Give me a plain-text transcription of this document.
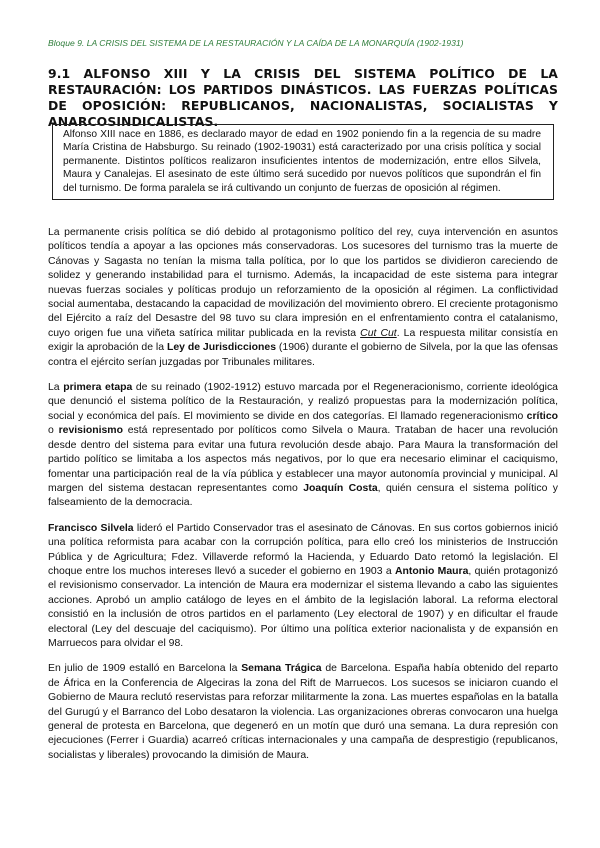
Bloque 9. LA CRISIS DEL SISTEMA DE LA RESTAURACIÓN Y LA CAÍDA DE LA MONARQUÍA (1902-1931)
9.1 ALFONSO XIII Y LA CRISIS DEL SISTEMA POLÍTICO DE LA RESTAURACIÓN: LOS PARTIDOS DINÁSTICOS. LAS FUERZAS POLÍTICAS DE OPOSICIÓN: REPUBLICANOS, NACIONALISTAS, SOCIALISTAS Y ANARCOSINDICALISTAS.
Alfonso XIII nace en 1886, es declarado mayor de edad en 1902 poniendo fin a la regencia de su madre María Cristina de Habsburgo. Su reinado (1902-19031) está caracterizado por una crisis política y social permanente. Distintos políticos realizaron insuficientes intentos de modernización, entre ellos Silvela, Maura y Canalejas. El asesinato de este último será sucedido por nuevos políticos que supondrán el fin del turnismo. De forma paralela se irá cultivando un conjunto de fuerzas de oposición al régimen.

La permanente crisis política se dió debido al protagonismo político del rey, cuya intervención en asuntos políticos tendía a apoyar a las opciones más conservadoras. Los sucesores del turnismo tras la muerte de Cánovas y Sagasta no tenían la misma talla política, por lo que los partidos se dividieron careciendo de solidez y generando instabilidad para el turnismo. Además, la incapacidad de este sistema para integrar nuevas fuerzas sociales y políticas produjo un reforzamiento de la oposición al régimen. La conflictividad social aumentaba, destacando la capacidad de movilización del movimiento obrero. El creciente protagonismo del Ejército a raíz del Desastre del 98 tuvo su clara impresión en el enfrentamiento contra el catalanismo, cuyo origen fue una viñeta satírica militar publicada en la revista Cut Cut. La respuesta militar consistía en exigir la aprobación de la Ley de Jurisdicciones (1906) durante el gobierno de Silvela, por la que las ofensas contra el ejército serían juzgadas por Tribunales militares.

La primera etapa de su reinado (1902-1912) estuvo marcada por el Regeneracionismo, corriente ideológica que denunció el sistema político de la Restauración, y realizó propuestas para la modernización política, social y económica del país. El movimiento se divide en dos categorías. El llamado regeneracionismo crítico o revisionismo está representado por políticos como Silvela o Maura. Trataban de hacer una revolución desde dentro del sistema para evitar una futura revolución desde abajo. Para Maura la transformación del partido político se limitaba a los aspectos más negativos, por lo que era necesario eliminar el caciquismo, fomentar una participación real de la vía pública y establecer una mayor autonomía provincial y municipal. Al margen del sistema destacan representantes como Joaquín Costa, quién censura el sistema político y falseamiento de la democracia.

Francisco Silvela lideró el Partido Conservador tras el asesinato de Cánovas. En sus cortos gobiernos inició una política reformista para acabar con la corrupción política, para ello creó los ministerios de Instrucción Pública y de Agricultura; Fdez. Villaverde reformó la Hacienda, y Eduardo Dato retomó la legislación. El choque entre los muchos intereses llevó a suceder el gobierno en 1903 a Antonio Maura, quién protagonizó el revisionismo conservador. La intención de Maura era modernizar el sistema llevando a cabo las siguientes acciones. Aprobó un amplio catálogo de leyes en el ámbito de la legislación laboral. La reforma electoral consistió en la inclusión de otros partidos en el parlamento (Ley electoral de 1907) y en dificultar el fraude electoral (Ley del descuaje del caciquismo). Por último una política exterior nacionalista y de expansión en Marruecos para olvidar el 98.

En julio de 1909 estalló en Barcelona la Semana Trágica de Barcelona. España había obtenido del reparto de África en la Conferencia de Algeciras la zona del Rift de Marruecos. Los sucesos se iniciaron cuando el Gobierno de Maura reclutó reservistas para reforzar militarmente la zona. Las muertes españolas en la batalla del Gurugú y el Barranco del Lobo desataron la violencia. Las organizaciones obreras convocaron una huelga general de protesta en Barcelona, que degeneró en un motín que duró una semana. La dura represión con ejecuciones (Ferrer i Guardia) acarreó críticas internacionales y una campaña de desprestigio (republicanos, socialistas y liberales) provocando la dimisión de Maura.
